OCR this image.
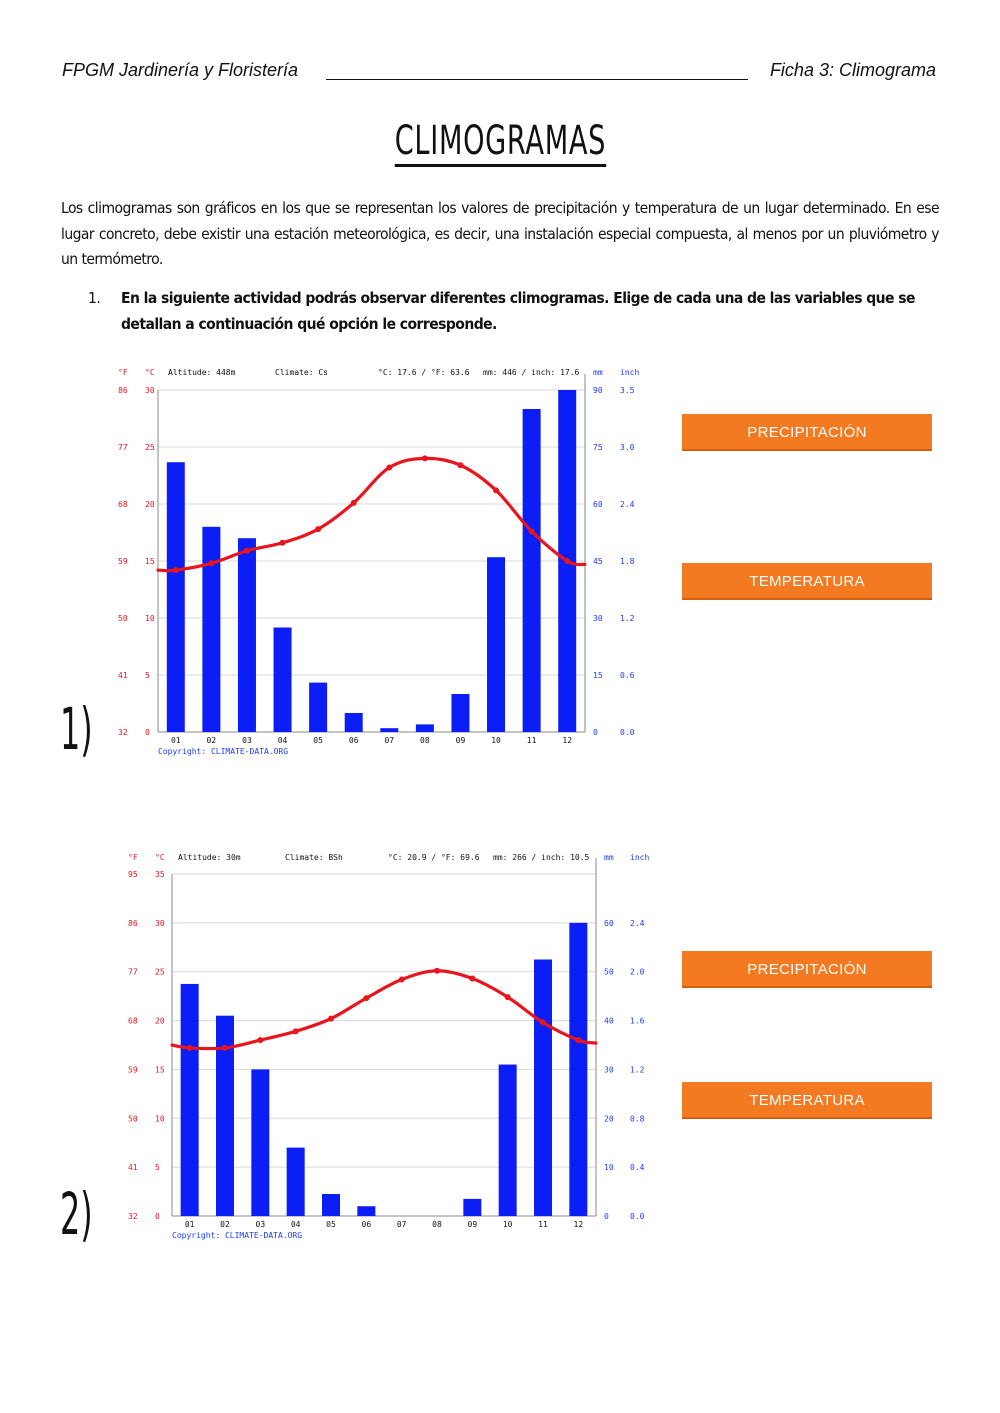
FPGM Jardinería y Floristería	Ficha 3: Climograma
CLIMOGRAMAS
Los climogramas son gráficos en los que se representan los valores de precipitación y temperatura de un lugar determinado. En ese lugar concreto, debe existir una estación meteorológica, es decir, una instalación especial compuesta, al menos por un pluviómetro y un termómetro.
1. En la siguiente actividad podrás observar diferentes climogramas. Elige de cada una de las variables que se detallan a continuación qué opción le corresponde.
°F °C Altitude: 448m	Climate: Cs	°C: 17.6 / °F: 63.6 mm: 446 / inch: 17.6 mm inch
0
32
5
41
10
50
15
59
20
68
25
77
30
86
0	0.0
15 0.6
30 1.2
45 1.8
60 2.4
75 3.0
90 3.5
01	02	03	04	05	06	07	08	09	10	11	12
Copyright: CLIMATE-DATA.ORG
PRECIPITACIÓN
TEMPERATURA
1)
°F °C Altitude: 30m	Climate: BSh	°C: 20.9 / °F: 69.6 mm: 266 / inch: 10.5 mm inch
0
32
5
41
10
50
15
59
20
68
25
77
30
86
35
95
0	0.0
10 0.4
20 0.8
30 1.2
40 1.6
50 2.0
60 2.4
01	02	03	04	05	06	07	08	09	10	11	12
Copyright: CLIMATE-DATA.ORG
PRECIPITACIÓN
TEMPERATURA
2)
